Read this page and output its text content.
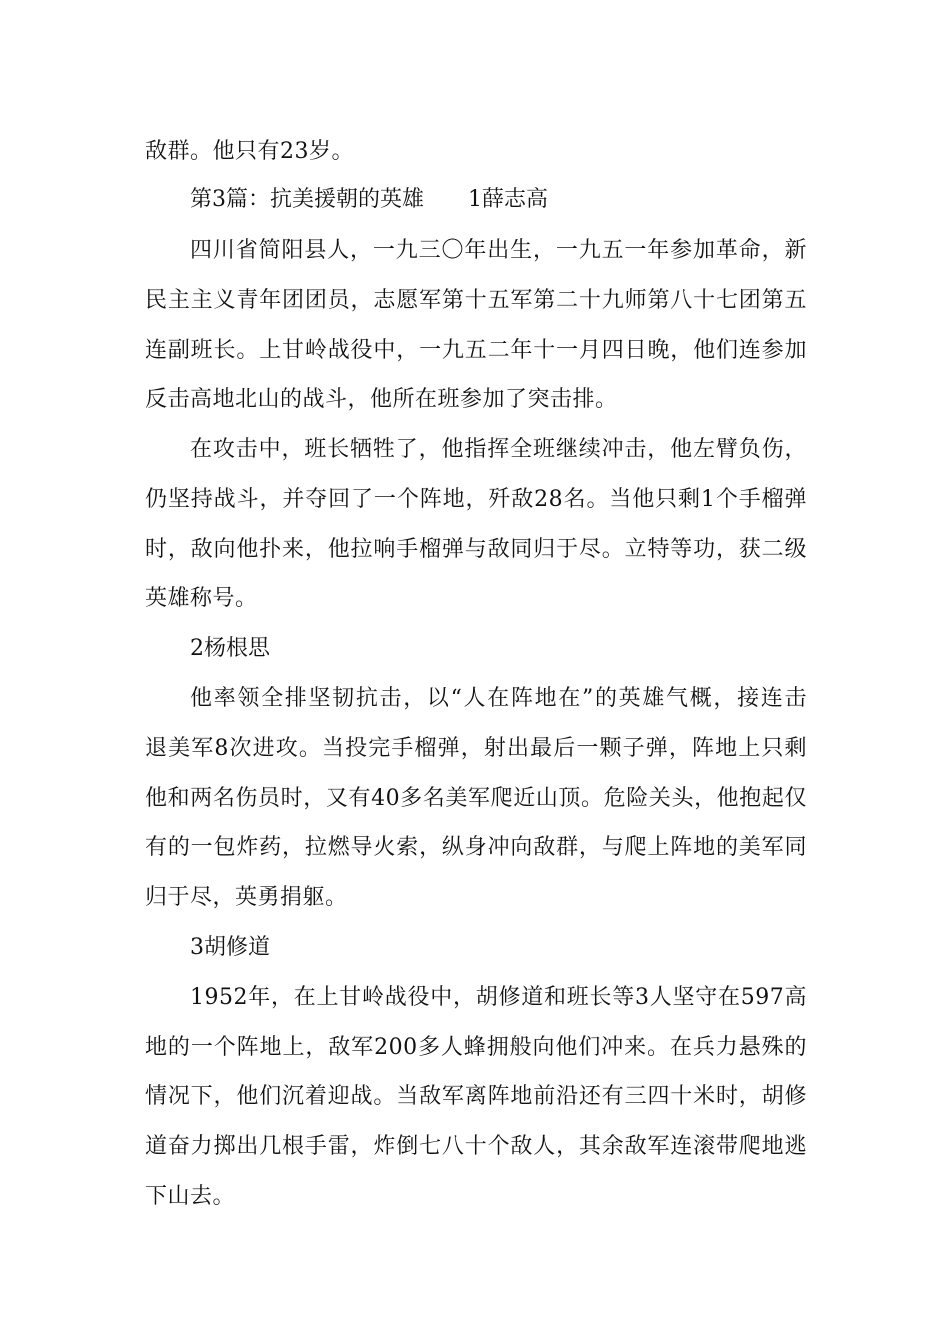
敌群。他只有23岁。
第3篇：抗美援朝的英雄 1薛志高
四川省简阳县人，一九三〇年出生，一九五一年参加革命，新
民主主义青年团团员，志愿军第十五军第二十九师第八十七团第五
连副班长。上甘岭战役中，一九五二年十一月四日晚，他们连参加
反击高地北山的战斗，他所在班参加了突击排。
在攻击中，班长牺牲了，他指挥全班继续冲击，他左臂负伤，
仍坚持战斗，并夺回了一个阵地，歼敌28名。当他只剩1个手榴弹
时，敌向他扑来，他拉响手榴弹与敌同归于尽。立特等功，获二级
英雄称号。
2杨根思
他率领全排坚韧抗击，以“人在阵地在”的英雄气概，接连击
退美军8次进攻。当投完手榴弹，射出最后一颗子弹，阵地上只剩
他和两名伤员时，又有40多名美军爬近山顶。危险关头，他抱起仅
有的一包炸药，拉燃导火索，纵身冲向敌群，与爬上阵地的美军同
归于尽，英勇捐躯。
3胡修道
1952年，在上甘岭战役中，胡修道和班长等3人坚守在597高
地的一个阵地上，敌军200多人蜂拥般向他们冲来。在兵力悬殊的
情况下，他们沉着迎战。当敌军离阵地前沿还有三四十米时，胡修
道奋力掷出几根手雷，炸倒七八十个敌人，其余敌军连滚带爬地逃
下山去。
